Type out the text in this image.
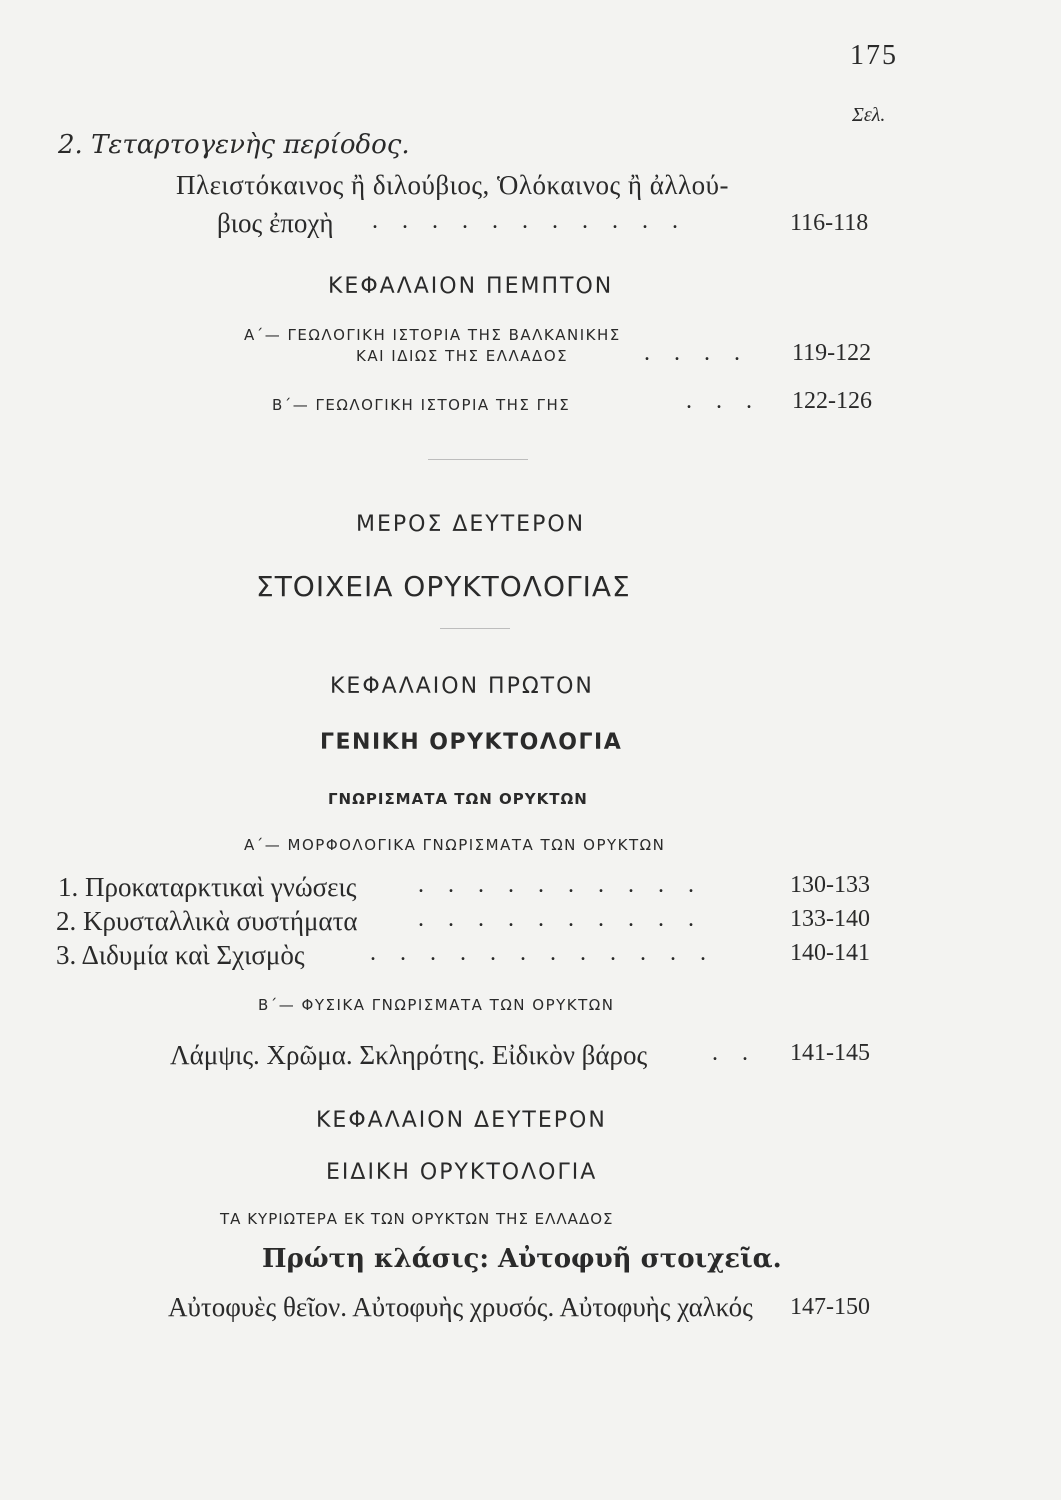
175
Σελ.
2. Τεταρτογενὴς περίοδος.
Πλειστόκαινος ἢ διλούβιος, Ὁλόκαινος ἢ ἀλλού-
βιος ἐποχὴ . . . . . . . . . . .	116-118
ΚΕΦΑΛΑΙΟΝ ΠΕΜΠΤΟΝ
Α΄— ΓΕΩΛΟΓΙΚΗ ΙΣΤΟΡΙΑ ΤΗΣ ΒΑΛΚΑΝΙΚΗΣ
ΚΑΙ ΙΔΙΩΣ ΤΗΣ ΕΛΛΑΔΟΣ	. . . . 119-122
Β΄— ΓΕΩΛΟΓΙΚΗ ΙΣΤΟΡΙΑ ΤΗΣ ΓΗΣ	. . . 122-126
ΜΕΡΟΣ ΔΕΥΤΕΡΟΝ
ΣΤΟΙΧΕΙΑ ΟΡΥΚΤΟΛΟΓΙΑΣ
ΚΕΦΑΛΑΙΟΝ ΠΡΩΤΟΝ
ΓΕΝΙΚΗ ΟΡΥΚΤΟΛΟΓΙΑ
ΓΝΩΡΙΣΜΑΤΑ ΤΩΝ ΟΡΥΚΤΩΝ
Α΄— ΜΟΡΦΟΛΟΓΙΚΑ ΓΝΩΡΙΣΜΑΤΑ ΤΩΝ ΟΡΥΚΤΩΝ
1. Προκαταρκτικαὶ γνώσεις	. . . . . . . . . .	130-133
2. Κρυσταλλικὰ συστήματα	. . . . . . . . . .	133-140
3. Διδυμία καὶ Σχισμὸς	. . . . . . . . . . . .	140-141
Β΄— ΦΥΣΙΚΑ ΓΝΩΡΙΣΜΑΤΑ ΤΩΝ ΟΡΥΚΤΩΝ
Λάμψις. Χρῶμα. Σκληρότης. Εἰδικὸν βάρος	. . 141-145
ΚΕΦΑΛΑΙΟΝ ΔΕΥΤΕΡΟΝ
ΕΙΔΙΚΗ ΟΡΥΚΤΟΛΟΓΙΑ
ΤΑ ΚΥΡΙΩΤΕΡΑ ΕΚ ΤΩΝ ΟΡΥΚΤΩΝ ΤΗΣ ΕΛΛΑΔΟΣ
Πρώτη κλάσις: Αὐτοφυῆ στοιχεῖα.
Αὐτοφυὲς θεῖον. Αὐτοφυὴς χρυσός. Αὐτοφυὴς χαλκός 147-150
